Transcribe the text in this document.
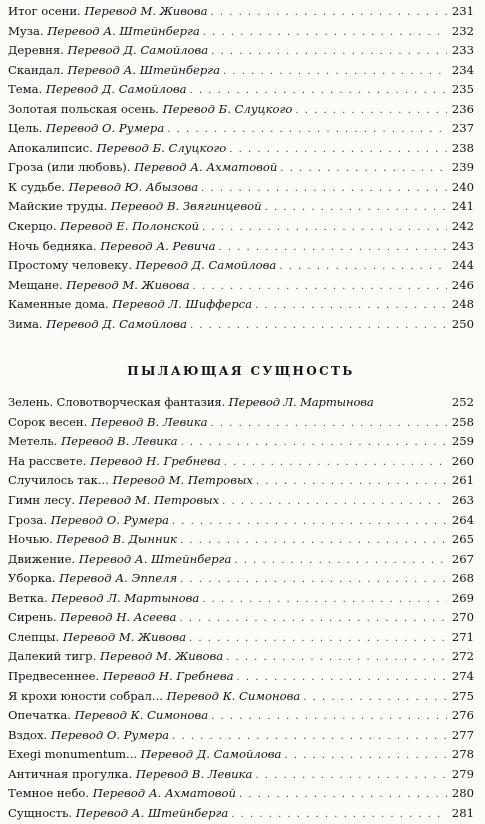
Итог осени. Перевод М. Живова . . .	231
Муза. Перевод А. Штейнберга . . .	232
Деревня. Перевод Д. Самойлова . . .	233
Скандал. Перевод А. Штейнберга . . .	234
Тема. Перевод Д. Самойлова . . .	235
Золотая польская осень. Перевод Б. Слуцкого . . .	236
Цель. Перевод О. Румера . . .	237
Апокалипсис. Перевод Б. Слуцкого . . .	238
Гроза (или любовь). Перевод А. Ахматовой . . .	239
К судьбе. Перевод Ю. Абызова . . .	240
Майские труды. Перевод В. Звягинцевой . . .	241
Скерцо. Перевод Е. Полонской . . .	242
Ночь бедняка. Перевод А. Ревича . . .	243
Простому человеку. Перевод Д. Самойлова . . .	244
Мещане. Перевод М. Живова . . .	246
Каменные дома. Перевод Л. Шифферса . . .	248
Зима. Перевод Д. Самойлова . . .	250
ПЫЛАЮЩАЯ СУЩНОСТЬ
Зелень. Словотворческая фантазия. Перевод Л. Мартынова	252
Сорок весен. Перевод В. Левика . . .	258
Метель. Перевод В. Левика . . .	259
На рассвете. Перевод Н. Гребнева . . .	260
Случилось так... Перевод М. Петровых . . .	261
Гимн лесу. Перевод М. Петровых . . .	263
Гроза. Перевод О. Румера . . .	264
Ночью. Перевод В. Дынник . . .	265
Движение. Перевод А. Штейнберга . . .	267
Уборка. Перевод А. Эппеля . . .	268
Ветка. Перевод Л. Мартынова . . .	269
Сирень. Перевод Н. Асеева . . .	270
Слепцы. Перевод М. Живова . . .	271
Далекий тигр. Перевод М. Живова . . .	272
Предвесеннее. Перевод Н. Гребнева . . .	274
Я крохи юности собрал... Перевод К. Симонова . . .	275
Опечатка. Перевод К. Симонова . . .	276
Вздох. Перевод О. Румера . . .	277
Exegi monumentum... Перевод Д. Самойлова . . .	278
Античная прогулка. Перевод В. Левика . . .	279
Темное небо. Перевод А. Ахматовой . . .	280
Сущность. Перевод А. Штейнберга . . .	281
